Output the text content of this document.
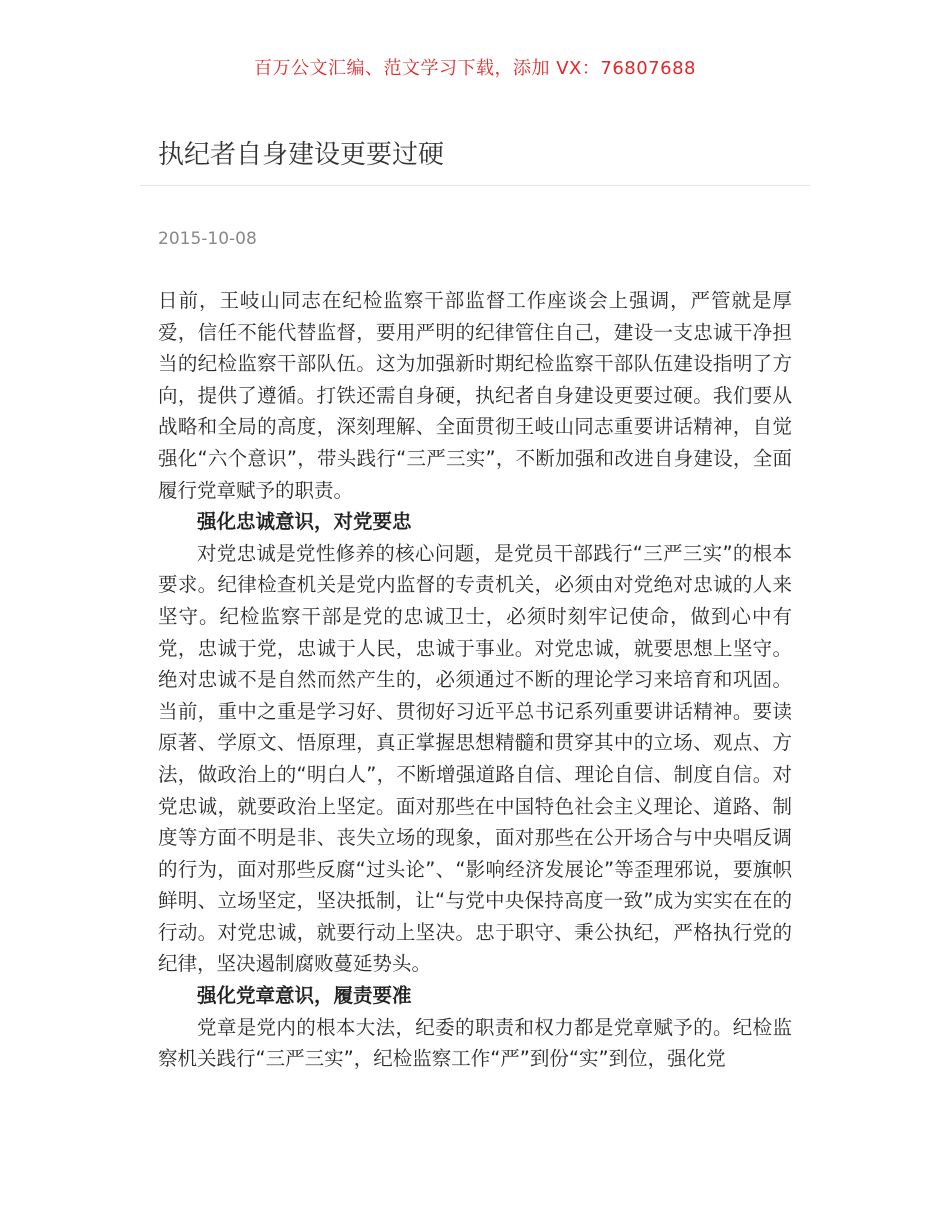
百万公文汇编、范文学习下载，添加 VX：76807688
执纪者自身建设更要过硬
2015-10-08

日前，王岐山同志在纪检监察干部监督工作座谈会上强调，严管就是厚爱，信任不能代替监督，要用严明的纪律管住自己，建设一支忠诚干净担当的纪检监察干部队伍。这为加强新时期纪检监察干部队伍建设指明了方向，提供了遵循。打铁还需自身硬，执纪者自身建设更要过硬。我们要从战略和全局的高度，深刻理解、全面贯彻王岐山同志重要讲话精神，自觉强化“六个意识”，带头践行“三严三实”，不断加强和改进自身建设，全面履行党章赋予的职责。

强化忠诚意识，对党要忠

对党忠诚是党性修养的核心问题，是党员干部践行“三严三实”的根本要求。纪律检查机关是党内监督的专责机关，必须由对党绝对忠诚的人来坚守。纪检监察干部是党的忠诚卫士，必须时刻牢记使命，做到心中有党，忠诚于党，忠诚于人民，忠诚于事业。对党忠诚，就要思想上坚守。绝对忠诚不是自然而然产生的，必须通过不断的理论学习来培育和巩固。当前，重中之重是学习好、贯彻好习近平总书记系列重要讲话精神。要读原著、学原文、悟原理，真正掌握思想精髓和贯穿其中的立场、观点、方法，做政治上的“明白人”，不断增强道路自信、理论自信、制度自信。对党忠诚，就要政治上坚定。面对那些在中国特色社会主义理论、道路、制度等方面不明是非、丧失立场的现象，面对那些在公开场合与中央唱反调的行为，面对那些反腐“过头论”、“影响经济发展论”等歪理邪说，要旗帜鲜明、立场坚定，坚决抵制，让“与党中央保持高度一致”成为实实在在的行动。对党忠诚，就要行动上坚决。忠于职守、秉公执纪，严格执行党的纪律，坚决遏制腐败蔓延势头。

强化党章意识，履责要准

党章是党内的根本大法，纪委的职责和权力都是党章赋予的。纪检监察机关践行“三严三实”，纪检监察工作“严”到份“实”到位，强化党
